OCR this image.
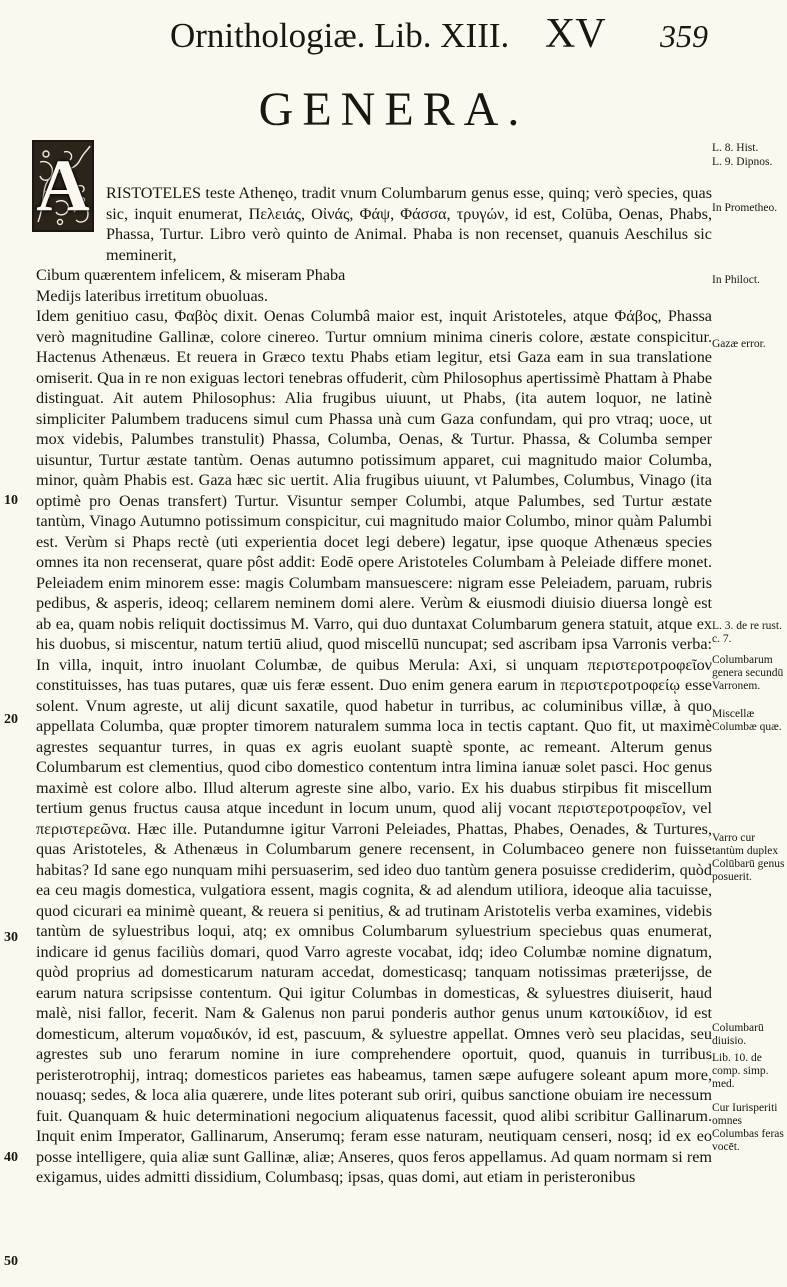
Ornithologiæ. Lib. XIII. XV 359
GENERA.

RISTOTELES teste Athenęo, tradit vnum Columbarum genus esse, quinq; verò species, quas sic, inquit enumerat, Πελειάς, Οἰνάς, Φάψ, Φάσσα, τρυγών, id est, Colūba, Oenas, Phabs, Phassa, Turtur. Libro verò quinto de Animal. Phaba is non recenset, quanuis Aeschilus sic meminerit,
Cibum quærentem infelicem, & miseram Phaba
Medijs lateribus irretitum obuoluas.
Idem genitiuo casu, Φαβὸς dixit. Oenas Columbâ maior est, inquit Aristoteles, atque Φάβος, Phassa verò magnitudine Gallinæ, colore cinereo. Turtur omnium minima cineris colore, æstate conspicitur. Hactenus Athenæus. Et reuera in Græco textu Phabs etiam legitur, etsi Gaza eam in sua translatione omiserit. Qua in re non exiguas lectori tenebras offuderit, cùm Philosophus apertissimè Phattam à Phabe distinguat. Ait autem Philosophus: Alia frugibus uiuunt, ut Phabs, (ita autem loquor, ne latinè simpliciter Palumbem traducens simul cum Phassa unà cum Gaza confundam, qui pro vtraq; uoce, ut mox videbis, Palumbes transtulit) Phassa, Columba, Oenas, & Turtur. Phassa, & Columba semper uisuntur, Turtur æstate tantùm. Oenas autumno potissimum apparet, cui magnitudo maior Columba, minor, quàm Phabis est. Gaza hæc sic uertit. Alia frugibus uiuunt, vt Palumbes, Columbus, Vinago (ita optimè pro Oenas transfert) Turtur. Visuntur semper Columbi, atque Palumbes, sed Turtur æstate tantùm, Vinago Autumno potissimum conspicitur, cui magnitudo maior Columbo, minor quàm Palumbi est. Verùm si Phaps rectè (uti experientia docet legi debere) legatur, ipse quoque Athenæus species omnes ita non recenserat, quare pôst addit: Eodē opere Aristoteles Columbam à Peleiade differe monet. Peleiadem enim minorem esse: magis Columbam mansuescere: nigram esse Peleiadem, paruam, rubris pedibus, & asperis, ideoq; cellarem neminem domi alere. Verùm & eiusmodi diuisio diuersa longè est ab ea, quam nobis reliquit doctissimus M. Varro, qui duo duntaxat Columbarum genera statuit, atque ex his duobus, si miscentur, natum tertiū aliud, quod miscellū nuncupat; sed ascribam ipsa Varronis verba: In villa, inquit, intro inuolant Columbæ, de quibus Merula: Axi, si unquam περιστεροτροφεῖον constituisses, has tuas putares, quæ uis feræ essent. Duo enim genera earum in περιστεροτροφείῳ esse solent. Vnum agreste, ut alij dicunt saxatile, quod habetur in turribus, ac columinibus villæ, à quo appellata Columba, quæ propter timorem naturalem summa loca in tectis captant. Quo fit, ut maximè agrestes sequantur turres, in quas ex agris euolant suaptè sponte, ac remeant. Alterum genus Columbarum est clementius, quod cibo domestico contentum intra limina ianuæ solet pasci. Hoc genus maximè est colore albo. Illud alterum agreste sine albo, vario. Ex his duabus stirpibus fit miscellum tertium genus fructus causa atque incedunt in locum unum, quod alij vocant περιστεροτροφεῖον, vel περιστερεῶνα. Hæc ille. Putandumne igitur Varroni Peleiades, Phattas, Phabes, Oenades, & Turtures, quas Aristoteles, & Athenæus in Columbarum genere recensent, in Columbaceo genere non fuisse habitas? Id sane ego nunquam mihi persuaserim, sed ideo duo tantùm genera posuisse crediderim, quòd ea ceu magis domestica, vulgatiora essent, magis cognita, & ad alendum utiliora, ideoque alia tacuisse, quod cicurari ea minimè queant, & reuera si penitius, & ad trutinam Aristotelis verba examines, videbis tantùm de syluestribus loqui, atq; ex omnibus Columbarum syluestrium speciebus quas enumerat, indicare id genus faciliùs domari, quod Varro agreste vocabat, idq; ideo Columbæ nomine dignatum, quòd proprius ad domesticarum naturam accedat, domesticasq; tanquam notissimas præterijsse, de earum natura scripsisse contentum. Qui igitur Columbas in domesticas, & syluestres diuiserit, haud malè, nisi fallor, fecerit. Nam & Galenus non parui ponderis author genus unum κατοικίδιον, id est domesticum, alterum νομαδικόν, id est, pascuum, & syluestre appellat. Omnes verò seu placidas, seu agrestes sub uno ferarum nomine in iure comprehendere oportuit, quod, quanuis in turribus peristerotrophij, intraq; domesticos parietes eas habeamus, tamen sæpe aufugere soleant apum more, nouasq; sedes, & loca alia quærere, unde lites poterant sub oriri, quibus sanctione obuiam ire necessum fuit. Quanquam & huic determinationi negocium aliquatenus facessit, quod alibi scribitur Gallinarum. Inquit enim Imperator, Gallinarum, Anserumq; feram esse naturam, neutiquam censeri, nosq; id ex eo posse intelligere, quia aliæ sunt Gallinæ, aliæ; Anseres, quos feros appellamus. Ad quam normam si rem exigamus, uides admitti dissidium, Columbasq; ipsas, quas domi, aut etiam in peristeronibus

A	L. 8. Hist.
L. 9. Dipnos.
In Prometheo.
In Philoct.
Gazæ error.
L. 3. de re rust. c. 7.
Columbarum genera secundū Varronem.
Miscellæ Columbæ quæ.
Varro cur tantùm duplex Colūbarū genus posuerit.
Columbarū diuisio.
Lib. 10. de comp. simp. med.
Cur Iurisperiti omnes Columbas feras vocēt.
10
20
30
40
50
